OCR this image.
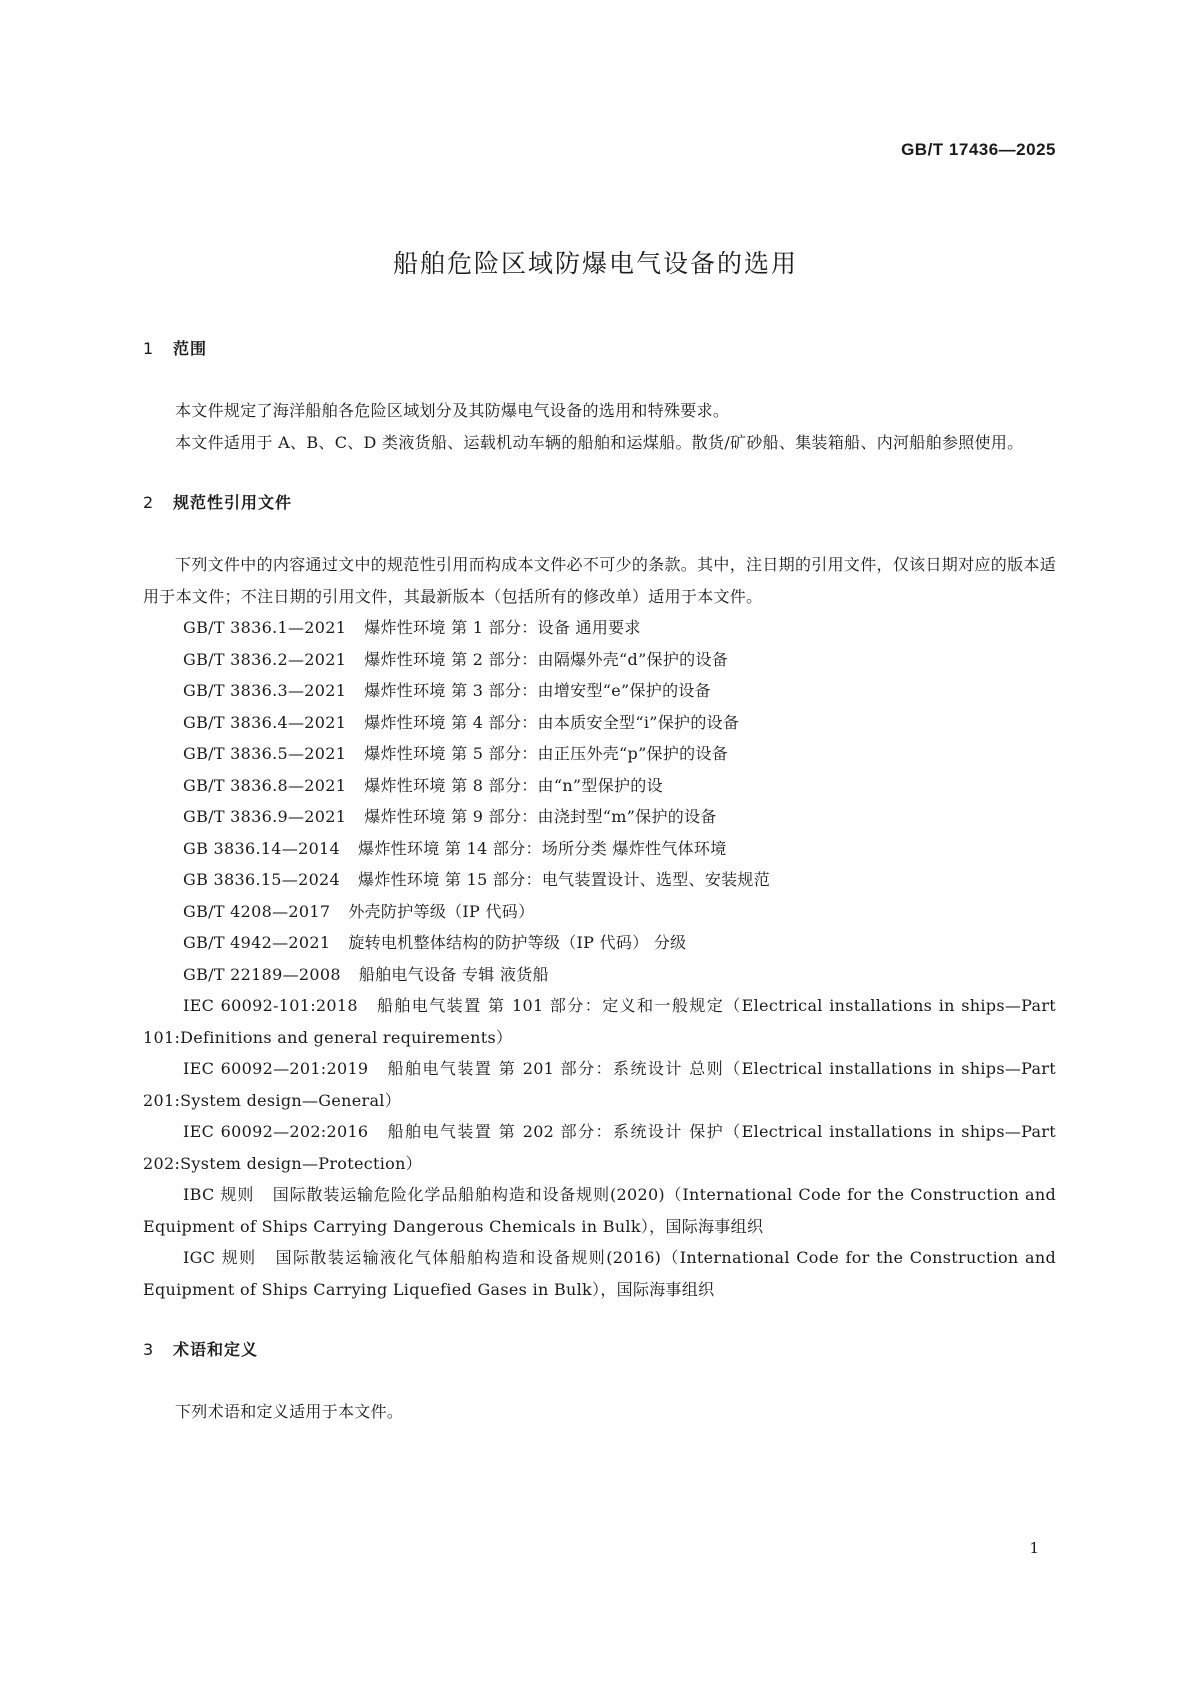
GB/T 17436—2025
船舶危险区域防爆电气设备的选用
1 范围
本文件规定了海洋船舶各危险区域划分及其防爆电气设备的选用和特殊要求。
本文件适用于 A、B、C、D 类液货船、运载机动车辆的船舶和运煤船。散货/矿砂船、集装箱船、内河船舶参照使用。
2 规范性引用文件
下列文件中的内容通过文中的规范性引用而构成本文件必不可少的条款。其中，注日期的引用文件，仅该日期对应的版本适用于本文件；不注日期的引用文件，其最新版本（包括所有的修改单）适用于本文件。
GB/T 3836.1—2021 爆炸性环境 第 1 部分：设备 通用要求
GB/T 3836.2—2021 爆炸性环境 第 2 部分：由隔爆外壳“d”保护的设备
GB/T 3836.3—2021 爆炸性环境 第 3 部分：由增安型“e”保护的设备
GB/T 3836.4—2021 爆炸性环境 第 4 部分：由本质安全型“i”保护的设备
GB/T 3836.5—2021 爆炸性环境 第 5 部分：由正压外壳“p”保护的设备
GB/T 3836.8—2021 爆炸性环境 第 8 部分：由“n”型保护的设
GB/T 3836.9—2021 爆炸性环境 第 9 部分：由浇封型“m”保护的设备
GB 3836.14—2014 爆炸性环境 第 14 部分：场所分类 爆炸性气体环境
GB 3836.15—2024 爆炸性环境 第 15 部分：电气装置设计、选型、安装规范
GB/T 4208—2017 外壳防护等级（IP 代码）
GB/T 4942—2021 旋转电机整体结构的防护等级（IP 代码） 分级
GB/T 22189—2008 船舶电气设备 专辑 液货船
IEC 60092-101:2018 船舶电气装置 第 101 部分：定义和一般规定（Electrical installations in ships—Part 101:Definitions and general requirements）
IEC 60092—201:2019 船舶电气装置 第 201 部分：系统设计 总则（Electrical installations in ships—Part 201:System design—General）
IEC 60092—202:2016 船舶电气装置 第 202 部分：系统设计 保护（Electrical installations in ships—Part 202:System design—Protection）
IBC 规则 国际散装运输危险化学品船舶构造和设备规则(2020)（International Code for the Construction and Equipment of Ships Carrying Dangerous Chemicals in Bulk），国际海事组织
IGC 规则 国际散装运输液化气体船舶构造和设备规则(2016)（International Code for the Construction and Equipment of Ships Carrying Liquefied Gases in Bulk），国际海事组织
3 术语和定义
下列术语和定义适用于本文件。
1
